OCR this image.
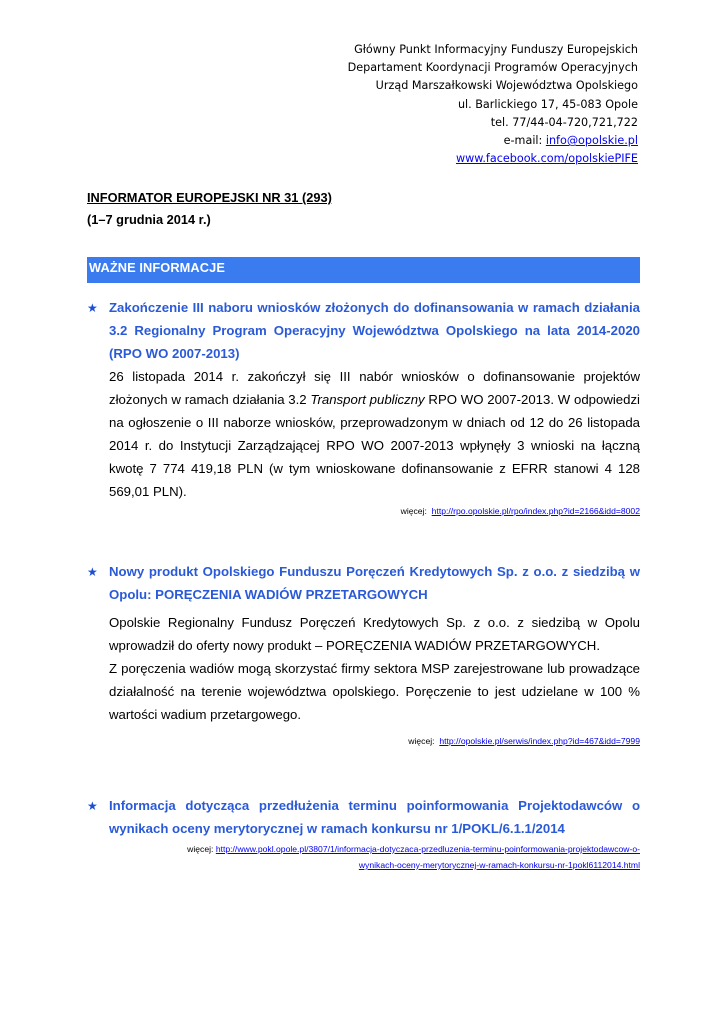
Główny Punkt Informacyjny Funduszy Europejskich
Departament Koordynacji Programów Operacyjnych
Urząd Marszałkowski Województwa Opolskiego
ul. Barlickiego 17, 45-083 Opole
tel. 77/44-04-720,721,722
e-mail: info@opolskie.pl
www.facebook.com/opolskiePIFE
INFORMATOR EUROPEJSKI NR 31 (293)
(1–7 grudnia 2014 r.)
WAŻNE INFORMACJE
★ Zakończenie III naboru wniosków złożonych do dofinansowania w ramach działania 3.2 Regionalny Program Operacyjny Województwa Opolskiego na lata 2014-2020 (RPO WO 2007-2013)
26 listopada 2014 r. zakończył się III nabór wniosków o dofinansowanie projektów złożonych w ramach działania 3.2 Transport publiczny RPO WO 2007-2013. W odpowiedzi na ogłoszenie o III naborze wniosków, przeprowadzonym w dniach od 12 do 26 listopada 2014 r. do Instytucji Zarządzającej RPO WO 2007-2013 wpłynęły 3 wnioski na łączną kwotę 7 774 419,18 PLN (w tym wnioskowane dofinansowanie z EFRR stanowi 4 128 569,01 PLN).
więcej: http://rpo.opolskie.pl/rpo/index.php?id=2166&idd=8002
★ Nowy produkt Opolskiego Funduszu Poręczeń Kredytowych Sp. z o.o. z siedzibą w Opolu: PORĘCZENIA WADIÓW PRZETARGOWYCH

Opolskie Regionalny Fundusz Poręczeń Kredytowych Sp. z o.o. z siedzibą w Opolu wprowadził do oferty nowy produkt – PORĘCZENIA WADIÓW PRZETARGOWYCH.

Z poręczenia wadiów mogą skorzystać firmy sektora MSP zarejestrowane lub prowadzące działalność na terenie województwa opolskiego. Poręczenie to jest udzielane w 100 % wartości wadium przetargowego.

więcej: http://opolskie.pl/serwis/index.php?id=467&idd=7999
★ Informacja dotycząca przedłużenia terminu poinformowania Projektodawców o wynikach oceny merytorycznej w ramach konkursu nr 1/POKL/6.1.1/2014
więcej: http://www.pokl.opole.pl/3807/1/informacja-dotyczaca-przedluzenia-terminu-poinformowania-projektodawcow-o-
wynikach-oceny-merytorycznej-w-ramach-konkursu-nr-1pokl6112014.html
